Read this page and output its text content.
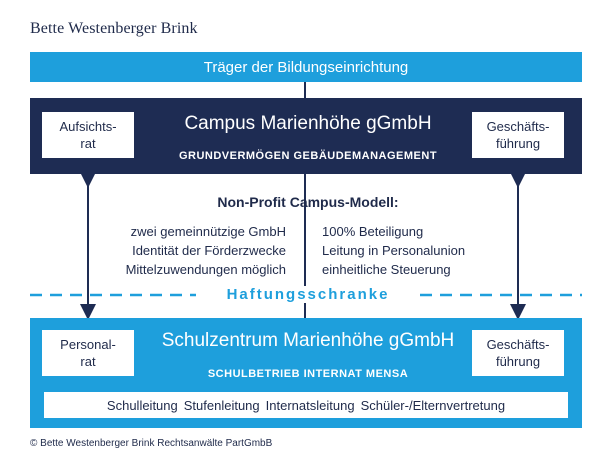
Bette Westenberger Brink
Träger der Bildungseinrichtung
Campus Marienhöhe gGmbH
GRUNDVERMÖGEN GEBÄUDEMANAGEMENT
Aufsichts-
rat
Geschäfts-
führung
Non-Profit Campus-Modell:
zwei gemeinnützige GmbH
Identität der Förderzwecke
Mittelzuwendungen möglich
100% Beteiligung
Leitung in Personalunion
einheitliche Steuerung
Haftungsschranke
Schulzentrum Marienhöhe gGmbH
SCHULBETRIEB INTERNAT MENSA
Personal-
rat
Geschäfts-
führung
Schulleitung Stufenleitung Internatsleitung Schüler-/Elternvertretung
© Bette Westenberger Brink Rechtsanwälte PartGmbB
